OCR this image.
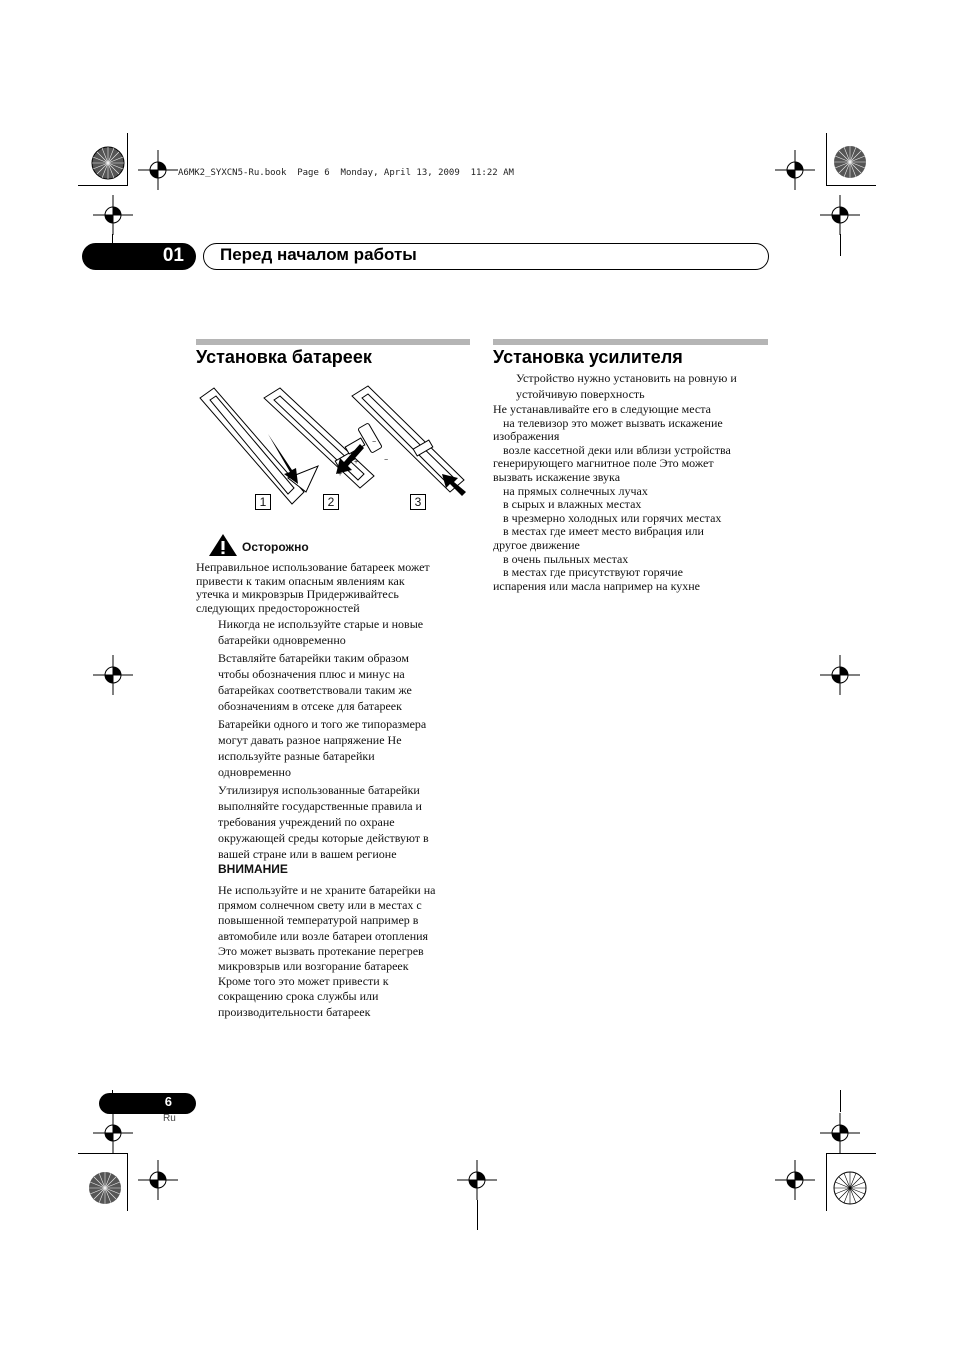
A6MK2_SYXCN5-Ru.book  Page 6  Monday, April 13, 2009  11:22 AM
01 Перед началом работы
Установка батареек
+
−
+
−
1	2	3
Осторожно

Неправильное использование батареек может

привести к таким опасным явлениям как

утечка и микровзрыв Придерживайтесь

следующих предосторожностей

Никогда не используйте старые и новые
батарейки одновременно

Вставляйте батарейки таким образом
чтобы обозначения плюс и минус на
батарейках соответствовали таким же
обозначениям в отсеке для батареек

Батарейки одного и того же типоразмера
могут давать разное напряжение Не
используйте разные батарейки
одновременно

Утилизируя использованные батарейки
выполняйте государственные правила и
требования учреждений по охране
окружающей среды которые действуют в
вашей стране или в вашем регионе

ВНИМАНИЕ

Не используйте и не храните батарейки на

прямом солнечном свету или в местах с

повышенной температурой например в

автомобиле или возле батареи отопления

Это может вызвать протекание перегрев

микровзрыв или возгорание батареек

Кроме того это может привести к

сокращению срока службы или

производительности батареек

Установка усилителя

Устройство нужно установить на ровную и

устойчивую поверхность

Не устанавливайте его в следующие места

на телевизор это может вызвать искажение

изображения

возле кассетной деки или вблизи устройства

генерирующего магнитное поле Это может

вызвать искажение звука

на прямых солнечных лучах

в сырых и влажных местах

в чрезмерно холодных или горячих местах

в местах где имеет место вибрация или

другое движение

в очень пыльных местах

в местах где присутствуют горячие

испарения или масла например на кухне

6
Ru
